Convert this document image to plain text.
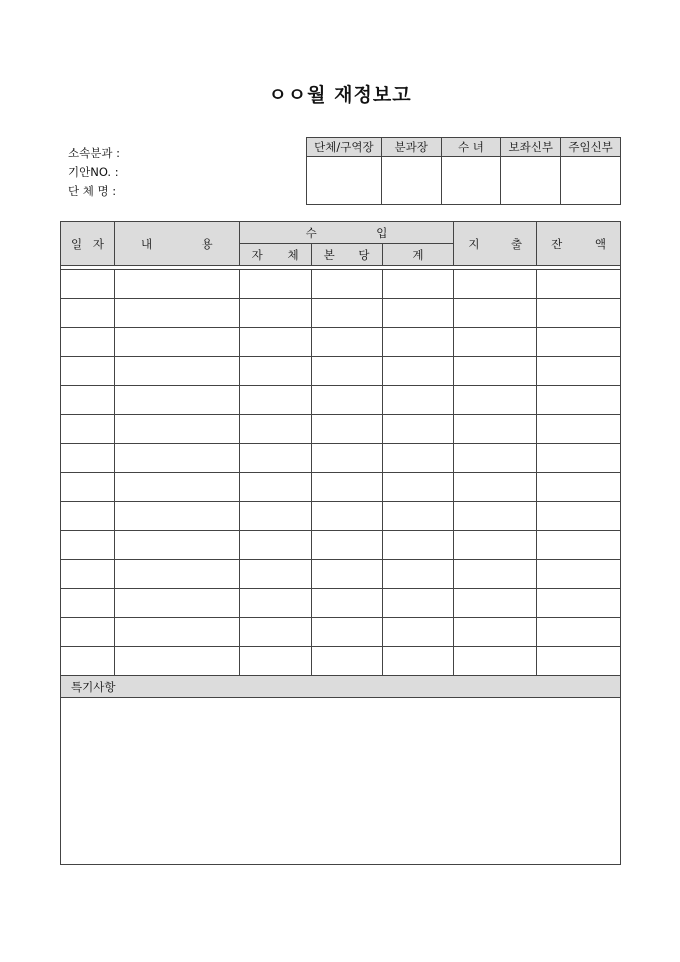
ㅇㅇ월 재정보고
소속분과 :
기안NO. :
단 체 명 :
단체/구역장	분과장	수 녀	보좌신부	주임신부

일 자	내 용	수 입			지 출	잔 액

		자 체	본 당	계		

특기사항						
